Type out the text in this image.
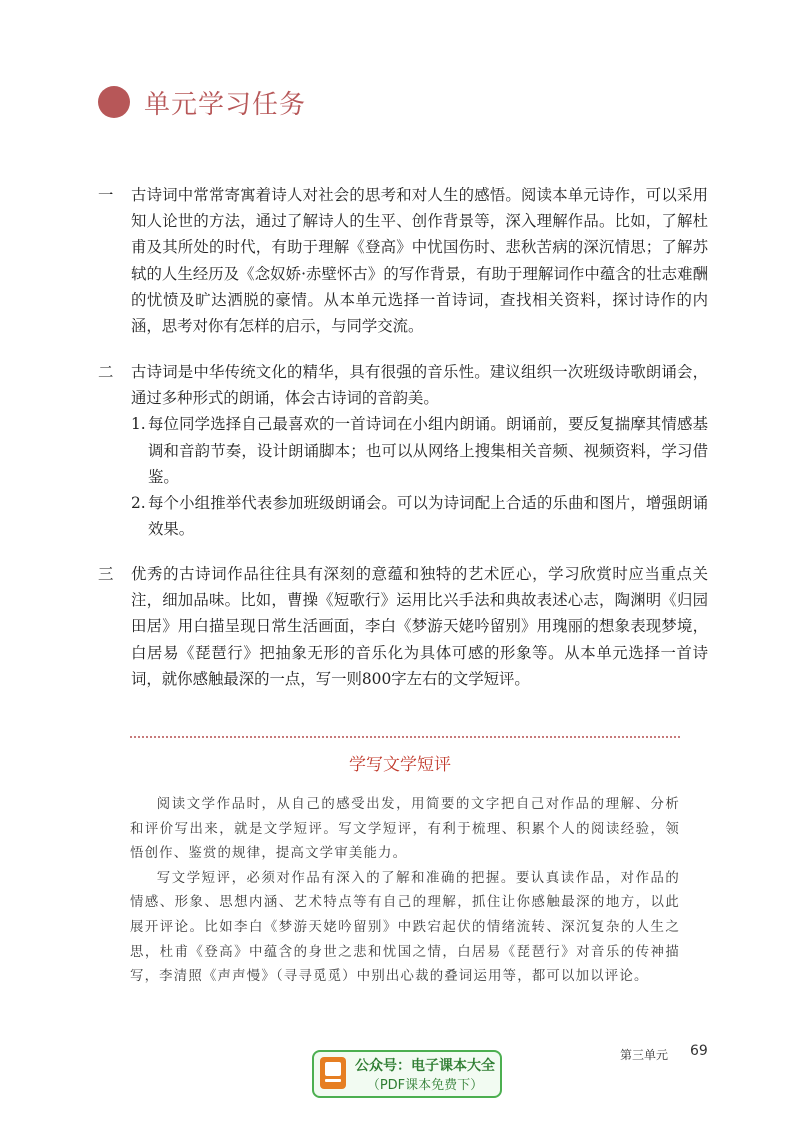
单元学习任务
一	古诗词中常常寄寓着诗人对社会的思考和对人生的感悟。阅读本单元诗作，可以采用知人论世的方法，通过了解诗人的生平、创作背景等，深入理解作品。比如，了解杜甫及其所处的时代，有助于理解《登高》中忧国伤时、悲秋苦病的深沉情思；了解苏轼的人生经历及《念奴娇·赤壁怀古》的写作背景，有助于理解词作中蕴含的壮志难酬的忧愤及旷达洒脱的豪情。从本单元选择一首诗词，查找相关资料，探讨诗作的内涵，思考对你有怎样的启示，与同学交流。
二	古诗词是中华传统文化的精华，具有很强的音乐性。建议组织一次班级诗歌朗诵会，通过多种形式的朗诵，体会古诗词的音韵美。
1. 每位同学选择自己最喜欢的一首诗词在小组内朗诵。朗诵前，要反复揣摩其情感基调和音韵节奏，设计朗诵脚本；也可以从网络上搜集相关音频、视频资料，学习借鉴。
2. 每个小组推举代表参加班级朗诵会。可以为诗词配上合适的乐曲和图片，增强朗诵效果。
三	优秀的古诗词作品往往具有深刻的意蕴和独特的艺术匠心，学习欣赏时应当重点关注，细加品味。比如，曹操《短歌行》运用比兴手法和典故表述心志，陶渊明《归园田居》用白描呈现日常生活画面，李白《梦游天姥吟留别》用瑰丽的想象表现梦境，白居易《琵琶行》把抽象无形的音乐化为具体可感的形象等。从本单元选择一首诗词，就你感触最深的一点，写一则800字左右的文学短评。
学写文学短评

阅读文学作品时，从自己的感受出发，用简要的文字把自己对作品的理解、分析和评价写出来，就是文学短评。写文学短评，有利于梳理、积累个人的阅读经验，领悟创作、鉴赏的规律，提高文学审美能力。

写文学短评，必须对作品有深入的了解和准确的把握。要认真读作品，对作品的情感、形象、思想内涵、艺术特点等有自己的理解，抓住让你感触最深的地方，以此展开评论。比如李白《梦游天姥吟留别》中跌宕起伏的情绪流转、深沉复杂的人生之思，杜甫《登高》中蕴含的身世之悲和忧国之情，白居易《琵琶行》对音乐的传神描写，李清照《声声慢》（寻寻觅觅）中别出心裁的叠词运用等，都可以加以评论。

第三单元 69
公众号：电子课本大全
（PDF课本免费下）
